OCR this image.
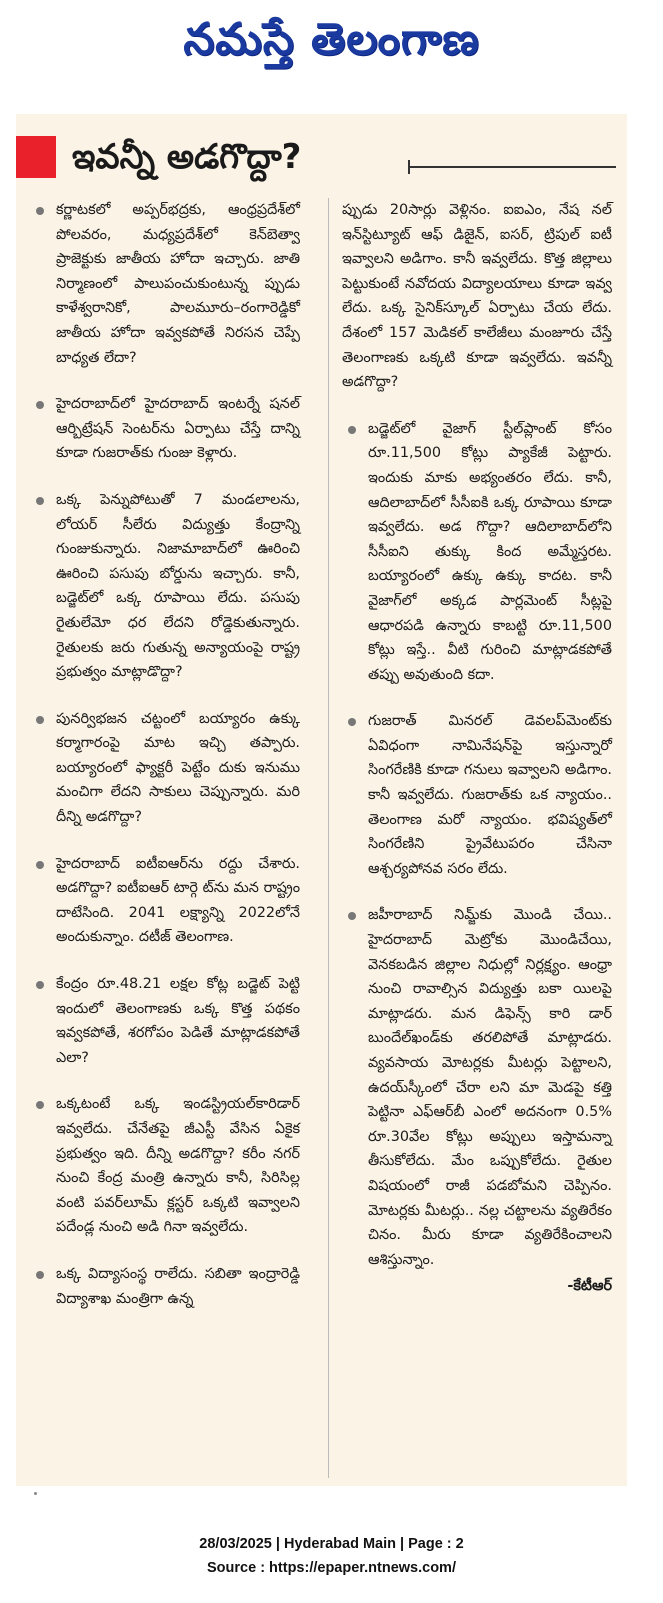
నమస్తే తెలంగాణ
ఇవన్నీ అడగొద్దా?
కర్ణాటకలో అప్పర్‌భద్రకు, ఆంధ్రప్రదేశ్‌లో పోలవరం, మధ్యప్రదేశ్‌లో కెన్‌బెత్వా ప్రాజెక్టుకు జాతీయ హోదా ఇచ్చారు. జాతి నిర్మాణంలో పాలుపంచుకుంటున్న ప్పుడు కాళేశ్వరానికో, పాలమూరు–రంగారెడ్డికో జాతీయ హోదా ఇవ్వకపోతే నిరసన చెప్పే బాధ్యత లేదా?
హైదరాబాద్‌లో హైదరాబాద్ ఇంటర్నే షనల్ ఆర్బిట్రేషన్ సెంటర్‌ను ఏర్పాటు చేస్తే దాన్ని కూడా గుజరాత్‌కు గుంజు కెళ్లారు.
ఒక్క పెన్నుపోటుతో 7 మండలాలను, లోయర్ సీలేరు విద్యుత్తు కేంద్రాన్ని గుంజుకున్నారు. నిజామాబాద్‌లో ఊరించి ఊరించి పసుపు బోర్డును ఇచ్చారు. కానీ, బడ్జెట్‌లో ఒక్క రూపాయి లేదు. పసుపు రైతులేమో ధర లేదని రోడ్డెకుతున్నారు. రైతులకు జరు గుతున్న అన్యాయంపై రాష్ట్ర ప్రభుత్వం మాట్లాడొద్దా?
పునర్విభజన చట్టంలో బయ్యారం ఉక్కు కర్మాగారంపై మాట ఇచ్చి తప్పారు. బయ్యారంలో ఫ్యాక్టరీ పెట్టేం దుకు ఇనుము మంచిగా లేదని సాకులు చెప్పున్నారు. మరి దీన్ని అడగొద్దా?
హైదరాబాద్ ఐటీఐఆర్‌ను రద్దు చేశారు. అడగొద్దా? ఐటీఐఆర్ టార్గె ట్‌ను మన రాష్ట్రం దాటేసింది. 2041 లక్ష్యాన్ని 2022లోనే అందుకున్నాం. దటీజ్ తెలంగాణ.
కేంద్రం రూ.48.21 లక్షల కోట్ల బడ్జెట్ పెట్టి ఇందులో తెలంగాణకు ఒక్క కొత్త పథకం ఇవ్వకపోతే, శరగోపం పెడితే మాట్లాడకపోతే ఎలా?
ఒక్కటంటే ఒక్క ఇండస్ట్రియల్‌కారిడార్ ఇవ్వలేదు. చేనేతపై జీఎస్టీ వేసిన ఏకైక ప్రభుత్వం ఇది. దీన్ని అడగొద్దా? కరీం నగర్ నుంచి కేంద్ర మంత్రి ఉన్నారు కానీ, సిరిసిల్ల వంటి పవర్‌లూమ్ క్లస్టర్ ఒక్కటి ఇవ్వాలని పదేండ్ల నుంచి అడి గినా ఇవ్వలేదు.
ఒక్క విద్యాసంస్థ రాలేదు. సబితా ఇంద్రారెడ్డి విద్యాశాఖ మంత్రిగా ఉన్న
ప్పుడు 20సార్లు వెళ్లినం. ఐఐఎం, నేష నల్ ఇన్‌స్టిట్యూట్ ఆఫ్ డిజైన్, ఐసర్, ట్రిపుల్ ఐటీ ఇవ్వాలని అడిగాం. కానీ ఇవ్వలేదు. కొత్త జిల్లాలు పెట్టుకుంటే నవోదయ విద్యాలయాలు కూడా ఇవ్వ లేదు. ఒక్క సైనిక్‌స్కూల్ ఏర్పాటు చేయ లేదు. దేశంలో 157 మెడికల్ కాలేజీలు మంజూరు చేస్తే తెలంగాణకు ఒక్కటి కూడా ఇవ్వలేదు. ఇవన్నీ అడగొద్దా?
బడ్జెట్‌లో వైజాగ్ స్టీల్‌ప్లాంట్ కోసం రూ.11,500 కోట్లు ప్యాకేజీ పెట్టారు. ఇందుకు మాకు అభ్యంతరం లేదు. కానీ, ఆదిలాబాద్‌లో సీసీఐకి ఒక్క రూపాయి కూడా ఇవ్వలేదు. అడ గొద్దా? ఆదిలాబాద్‌లోని సీసీఐని తుక్కు కింద అమ్మేస్తరట. బయ్యారంలో ఉక్కు ఉక్కు కాదట. కానీ వైజాగ్‌లో అక్కడ పార్లమెంట్ సీట్లపై ఆధారపడి ఉన్నారు కాబట్టి రూ.11,500 కోట్లు ఇస్తే.. వీటి గురించి మాట్లాడకపోతే తప్పు అవుతుంది కదా.
గుజరాత్ మినరల్ డెవలప్‌మెంట్‌కు ఏవిధంగా నామినేషన్‌పై ఇస్తున్నారో సింగరేణికి కూడా గనులు ఇవ్వాలని అడిగాం. కానీ ఇవ్వలేదు. గుజరాత్‌కు ఒక న్యాయం.. తెలంగాణ మరో న్యాయం. భవిష్యత్‌లో సింగరేణిని ప్రైవేటుపరం చేసినా ఆశ్చర్యపోనవ సరం లేదు.
జహీరాబాద్ నిమ్జ్‌కు మొండి చేయి.. హైదరాబాద్ మెట్రోకు మొండిచేయి, వెనకబడిన జిల్లాల నిధుల్లో నిర్లక్ష్యం. ఆంధ్రా నుంచి రావాల్సిన విద్యుత్తు బకా యిలపై మాట్లాడరు. మన డిఫెన్స్ కారి డార్ బుందేల్‌ఖండ్‌కు తరలిపోతే మాట్లాడరు. వ్యవసాయ మోటర్లకు మీటర్లు పెట్టాలని, ఉదయ్‌స్కీంలో చేరా లని మా మెడపై కత్తి పెట్టినా ఎఫ్‌ఆర్‌బీ ఎంలో అదనంగా 0.5% రూ.30వేల కోట్లు అప్పులు ఇస్తామన్నా తీసుకోలేదు. మేం ఒప్పుకోలేదు. రైతుల విషయంలో రాజీ పడబోమని చెప్పినం. మోటర్లకు మీటర్లు.. నల్ల చట్టాలను వ్యతిరేకం చినం. మీరు కూడా వ్యతిరేకించాలని ఆశిస్తున్నాం.
-కేటీఆర్
28/03/2025 | Hyderabad Main | Page : 2
Source : https://epaper.ntnews.com/
